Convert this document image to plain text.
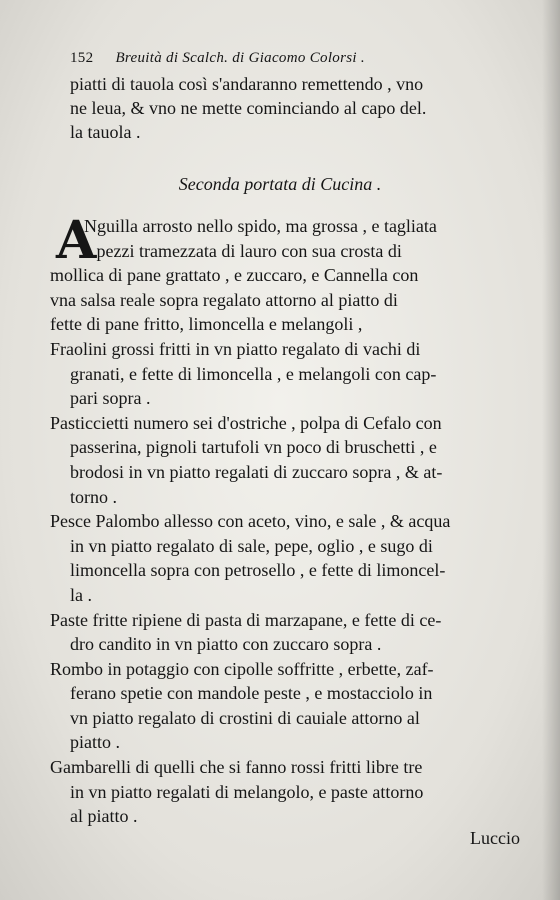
152 Breuità di Scalch. di Giacomo Colorsi .
piatti di tauola così s'andaranno remettendo , vno
ne leua, & vno ne mette cominciando al capo del.
la tauola .
Seconda portata di Cucina .
A
Nguilla arrosto nello spido, ma grossa , e tagliata
à pezzi tramezzata di lauro con sua crosta di
mollica di pane grattato , e zuccaro, e Cannella con
vna salsa reale sopra regalato attorno al piatto di
fette di pane fritto, limoncella e melangoli ,
Fraolini grossi fritti in vn piatto regalato di vachi di
granati, e fette di limoncella , e melangoli con cap-
pari sopra .
Pasticcietti numero sei d'ostriche , polpa di Cefalo con
passerina, pignoli tartufoli vn poco di bruschetti , e
brodosi in vn piatto regalati di zuccaro sopra , & at-
torno .
Pesce Palombo allesso con aceto, vino, e sale , & acqua
in vn piatto regalato di sale, pepe, oglio , e sugo di
limoncella sopra con petrosello , e fette di limoncel-
la .
Paste fritte ripiene di pasta di marzapane, e fette di ce-
dro candito in vn piatto con zuccaro sopra .
Rombo in potaggio con cipolle soffritte , erbette, zaf-
ferano spetie con mandole peste , e mostacciolo in
vn piatto regalato di crostini di cauiale attorno al
piatto .
Gambarelli di quelli che si fanno rossi fritti libre tre
in vn piatto regalati di melangolo, e paste attorno
al piatto .
Luccio
